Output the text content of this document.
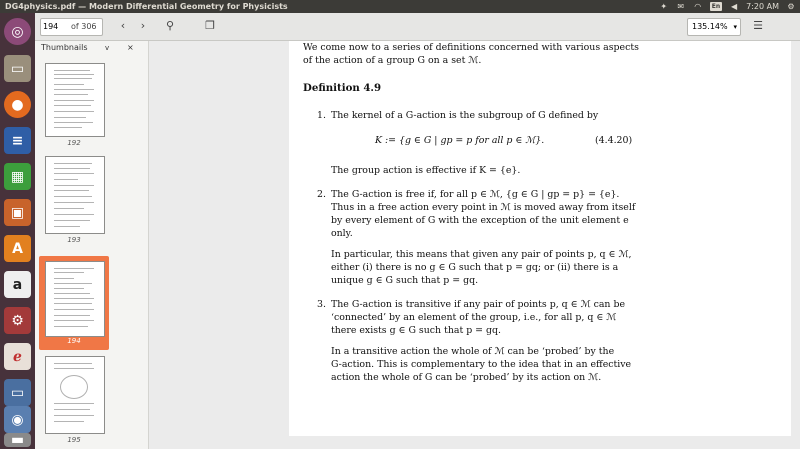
DG4physics.pdf — Modern Differential Geometry for Physicists	✦ ✉ ◠	En ◀ 7:20 AM ⚙
◎
▭
●
≡
▦
▣
A
a
⚙
ℯ
▭
◉
▬
194
of 306	‹	›	⚲	❐	135.14% ▾ ☰
Thumbnails	v ×
192
193
194
195
We come now to a series of definitions concerned with various aspects
of the action of a group G on a set ℳ.
Definition 4.9
1. The kernel of a G-action is the subgroup of G defined by
K := {g ∈ G | gp = p for all p ∈ ℳ}.	(4.4.20)
The group action is effective if K = {e}.
2. The G-action is free if, for all p ∈ ℳ, {g ∈ G | gp = p} = {e}.
Thus in a free action every point in ℳ is moved away from itself
by every element of G with the exception of the unit element e
only.
In particular, this means that given any pair of points p, q ∈ ℳ,
either (i) there is no g ∈ G such that p = gq; or (ii) there is a
unique g ∈ G such that p = gq.
3. The G-action is transitive if any pair of points p, q ∈ ℳ can be
‘connected’ by an element of the group, i.e., for all p, q ∈ ℳ
there exists g ∈ G such that p = gq.
In a transitive action the whole of ℳ can be ‘probed’ by the
G-action. This is complementary to the idea that in an effective
action the whole of G can be ‘probed’ by its action on ℳ.
